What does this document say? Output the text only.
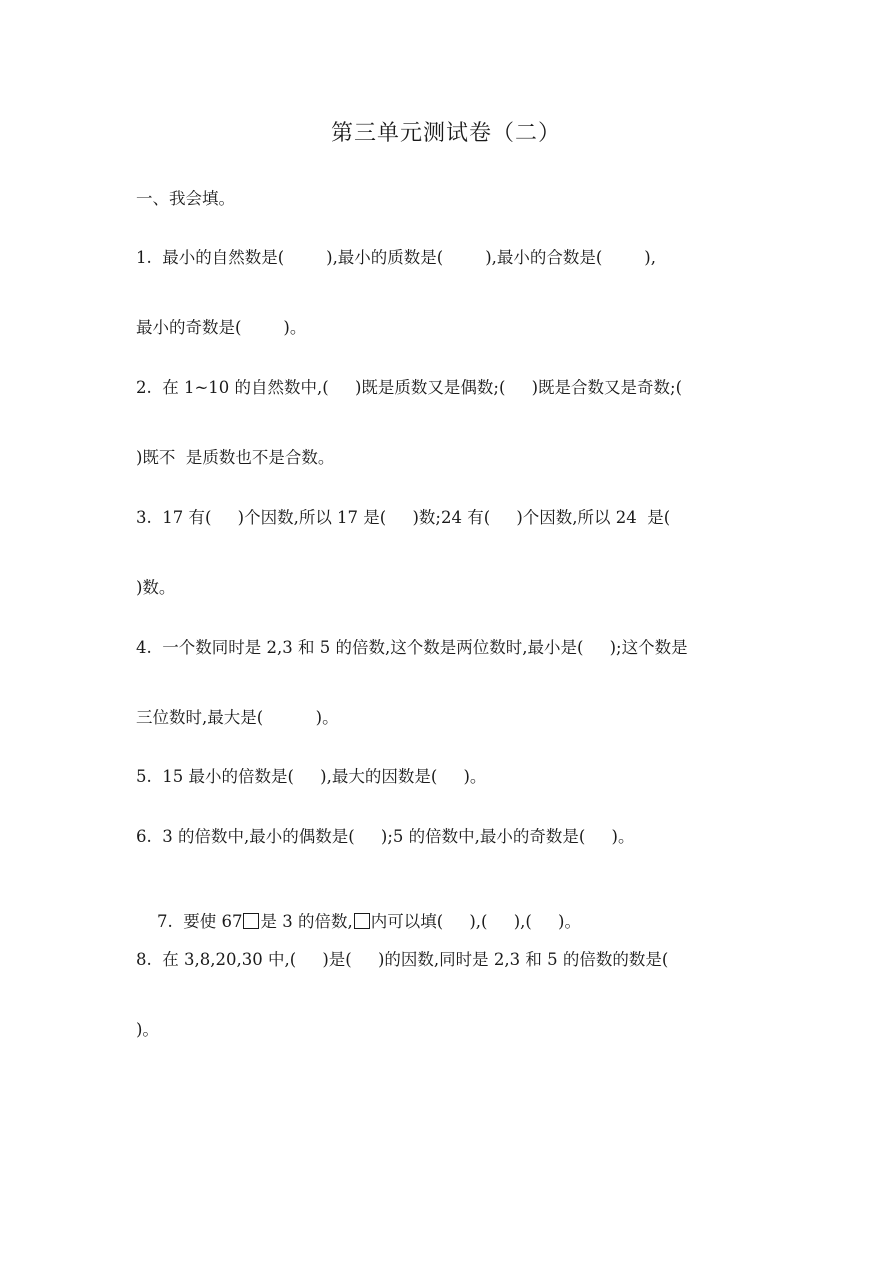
第三单元测试卷（二）
一、我会填。
1.  最小的自然数是(        ),最小的质数是(        ),最小的合数是(        ),
最小的奇数是(        )。
2.  在 1~10 的自然数中,(     )既是质数又是偶数;(     )既是合数又是奇数;(
)既不  是质数也不是合数。
3.  17 有(     )个因数,所以 17 是(     )数;24 有(     )个因数,所以 24  是(
)数。
4.  一个数同时是 2,3 和 5 的倍数,这个数是两位数时,最小是(     );这个数是
三位数时,最大是(          )。
5.  15 最小的倍数是(     ),最大的因数是(     )。
6.  3 的倍数中,最小的偶数是(     );5 的倍数中,最小的奇数是(     )。

7.  要使 67 是 3 的倍数, 内可以填(     ),(     ),(     )。

8.  在 3,8,20,30 中,(     )是(     )的因数,同时是 2,3 和 5 的倍数的数是(
)。
